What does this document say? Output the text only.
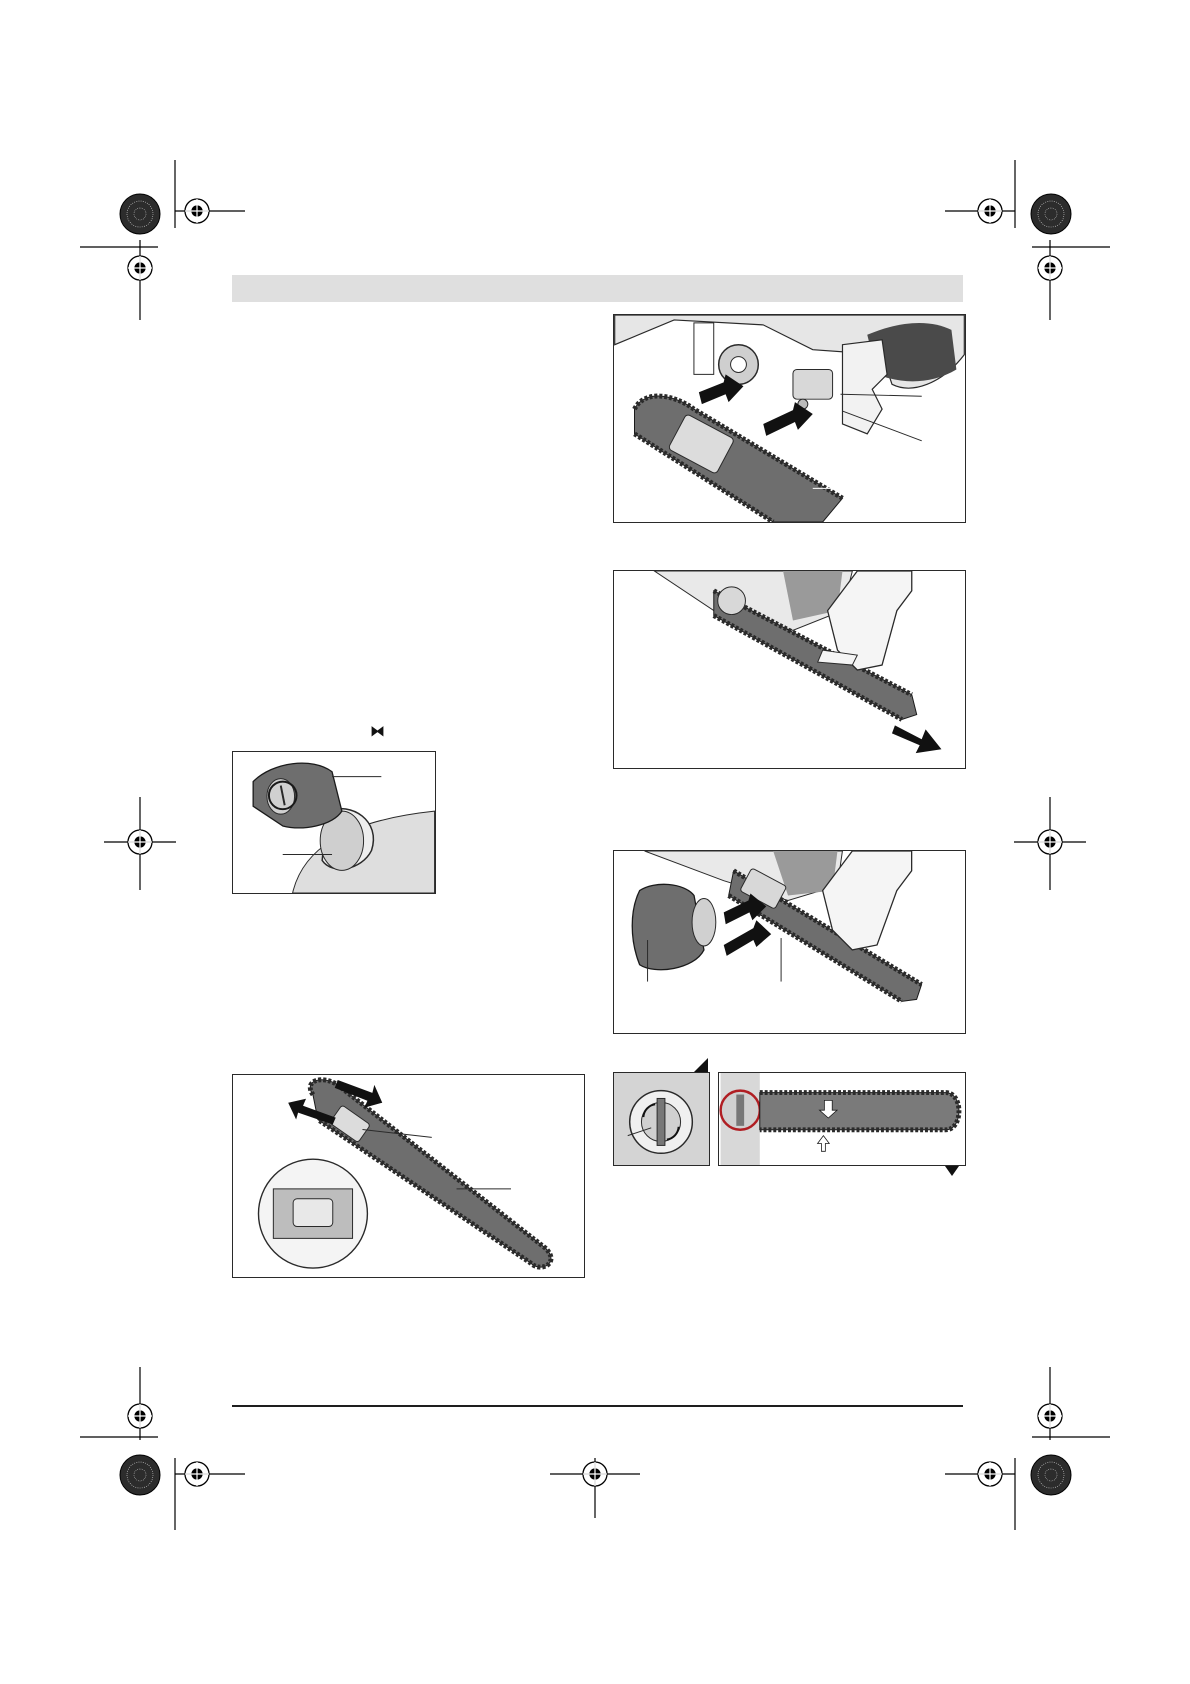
⧓
